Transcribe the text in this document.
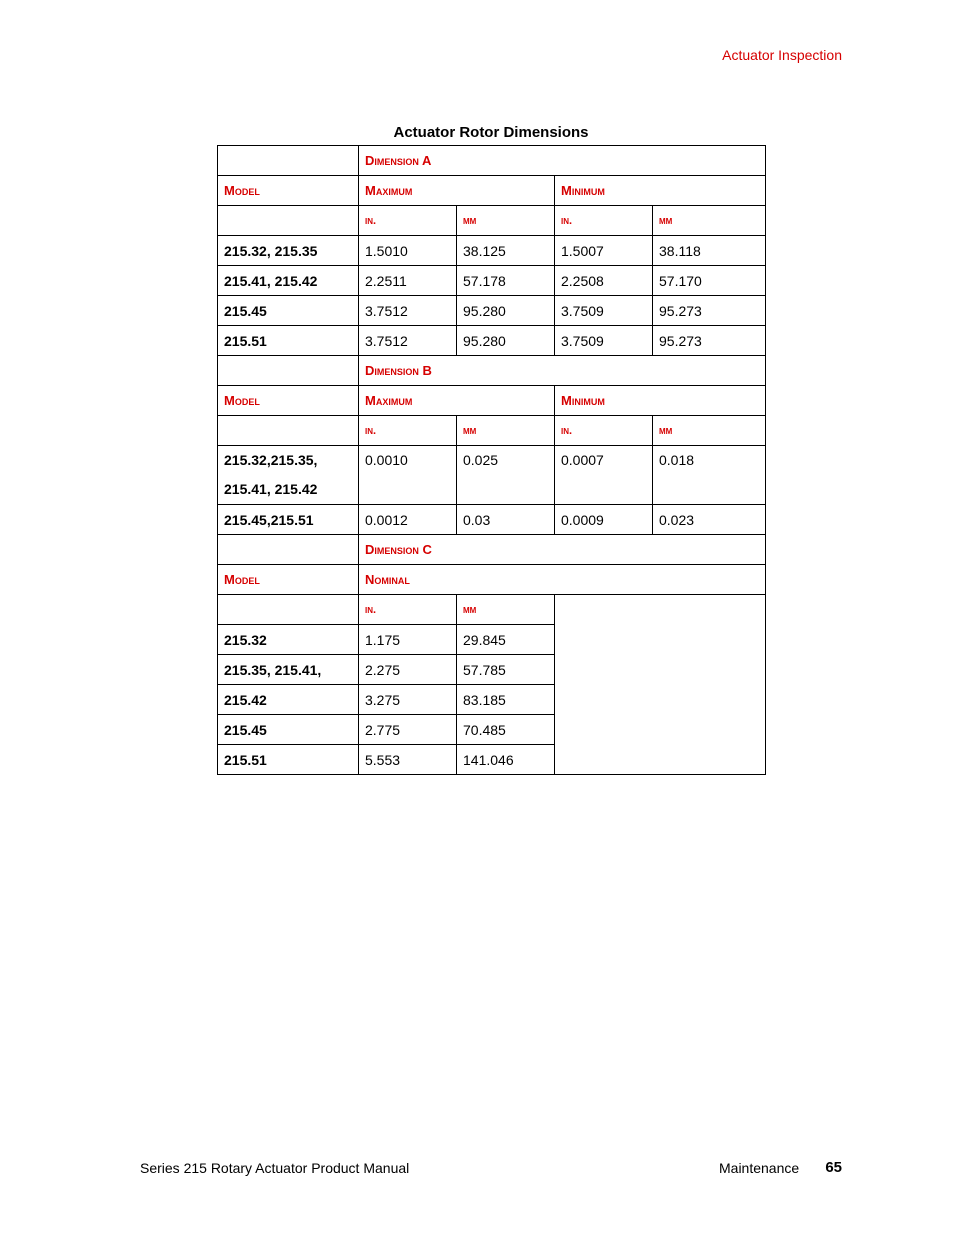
Actuator Inspection
Actuator Rotor Dimensions
	Dimension A			
Model	Maximum		Minimum	
	in.	mm	in.	mm
215.32, 215.35	1.5010	38.125	1.5007	38.118
215.41, 215.42	2.2511	57.178	2.2508	57.170
215.45	3.7512	95.280	3.7509	95.273
215.51	3.7512	95.280	3.7509	95.273
	Dimension B			
Model	Maximum		Minimum	
	in.	mm	in.	mm

215.32,215.35,
215.41, 215.42	0.0010	0.025	0.0007	0.018
215.45,215.51	0.0012	0.03	0.0009	0.023
	Dimension C			
Model	Nominal			
	in.	mm		
215.32	1.175	29.845		
215.35, 215.41,	2.275	57.785		
215.42	3.275	83.185		
215.45	2.775	70.485		
215.51	5.553	141.046		
Series 215 Rotary Actuator Product Manual	Maintenance 65
